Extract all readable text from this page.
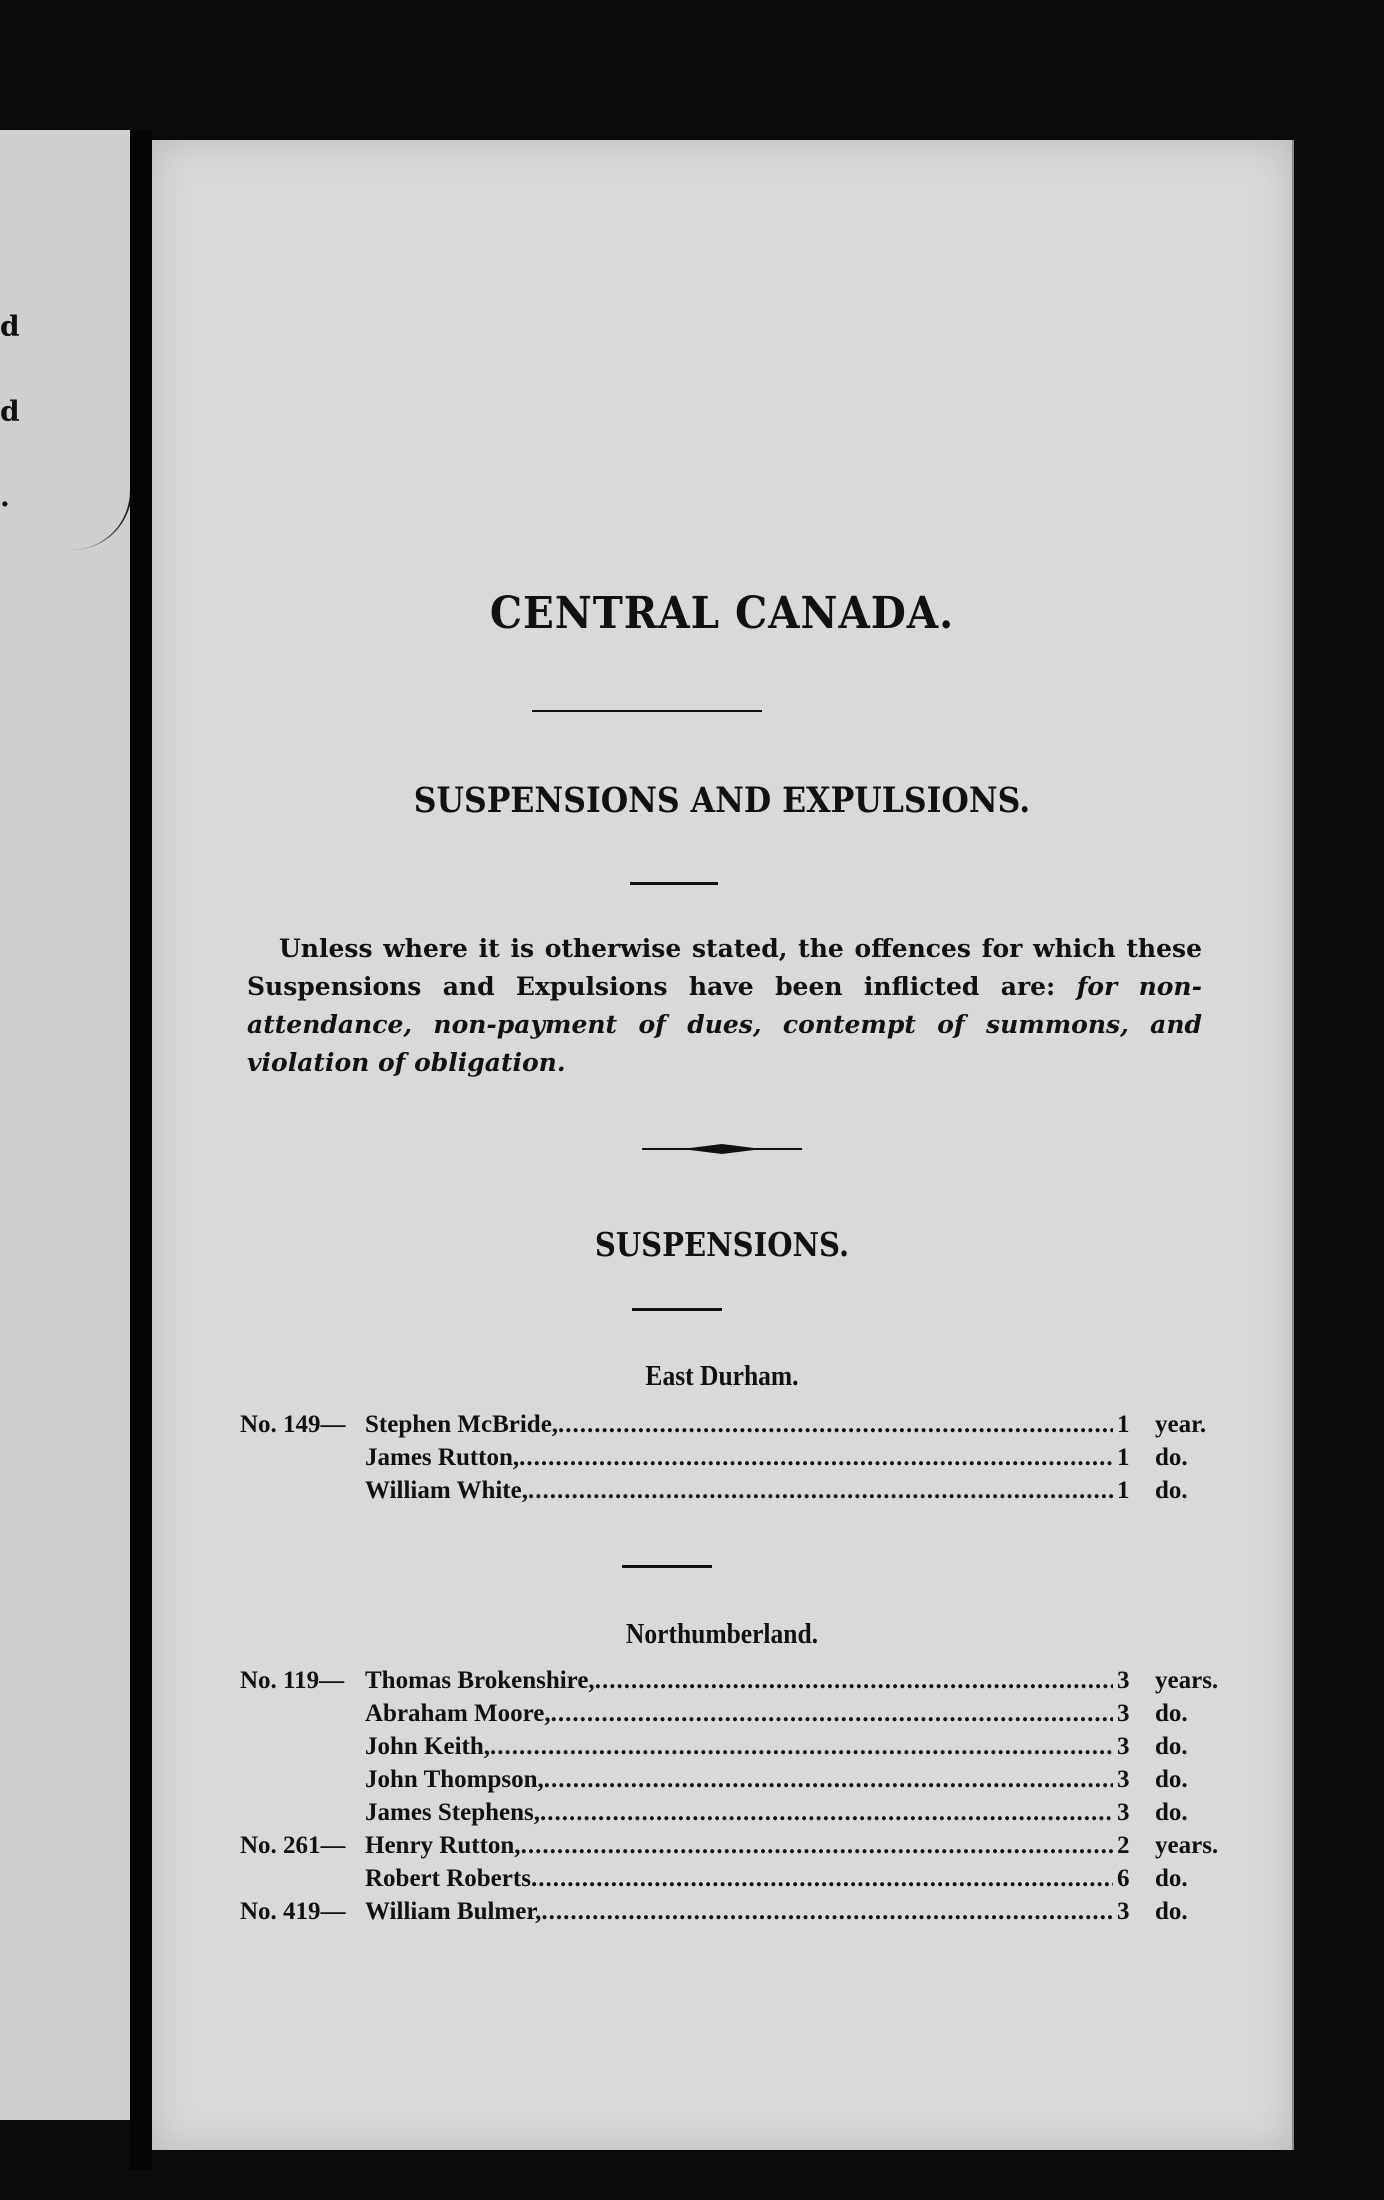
d
d
.
CENTRAL CANADA.
SUSPENSIONS AND EXPULSIONS.
Unless where it is otherwise stated, the offences for which these Suspensions and Expulsions have been inflicted are: for non-attendance, non-payment of dues, contempt of summons, and violation of obligation.
SUSPENSIONS.
East Durham.
No. 149— Stephen McBride, .....	1	year.
James Rutton, .....	1	do.
William White, .....	1	do.
Northumberland.
No. 119— Thomas Brokenshire, .....	3	years.
Abraham Moore, .....	3	do.
John Keith, .....	3	do.
John Thompson, .....	3	do.
James Stephens, .....	3	do.
No. 261— Henry Rutton, .....	2	years.
Robert Roberts .....	6	do.
No. 419— William Bulmer, .....	3	do.
